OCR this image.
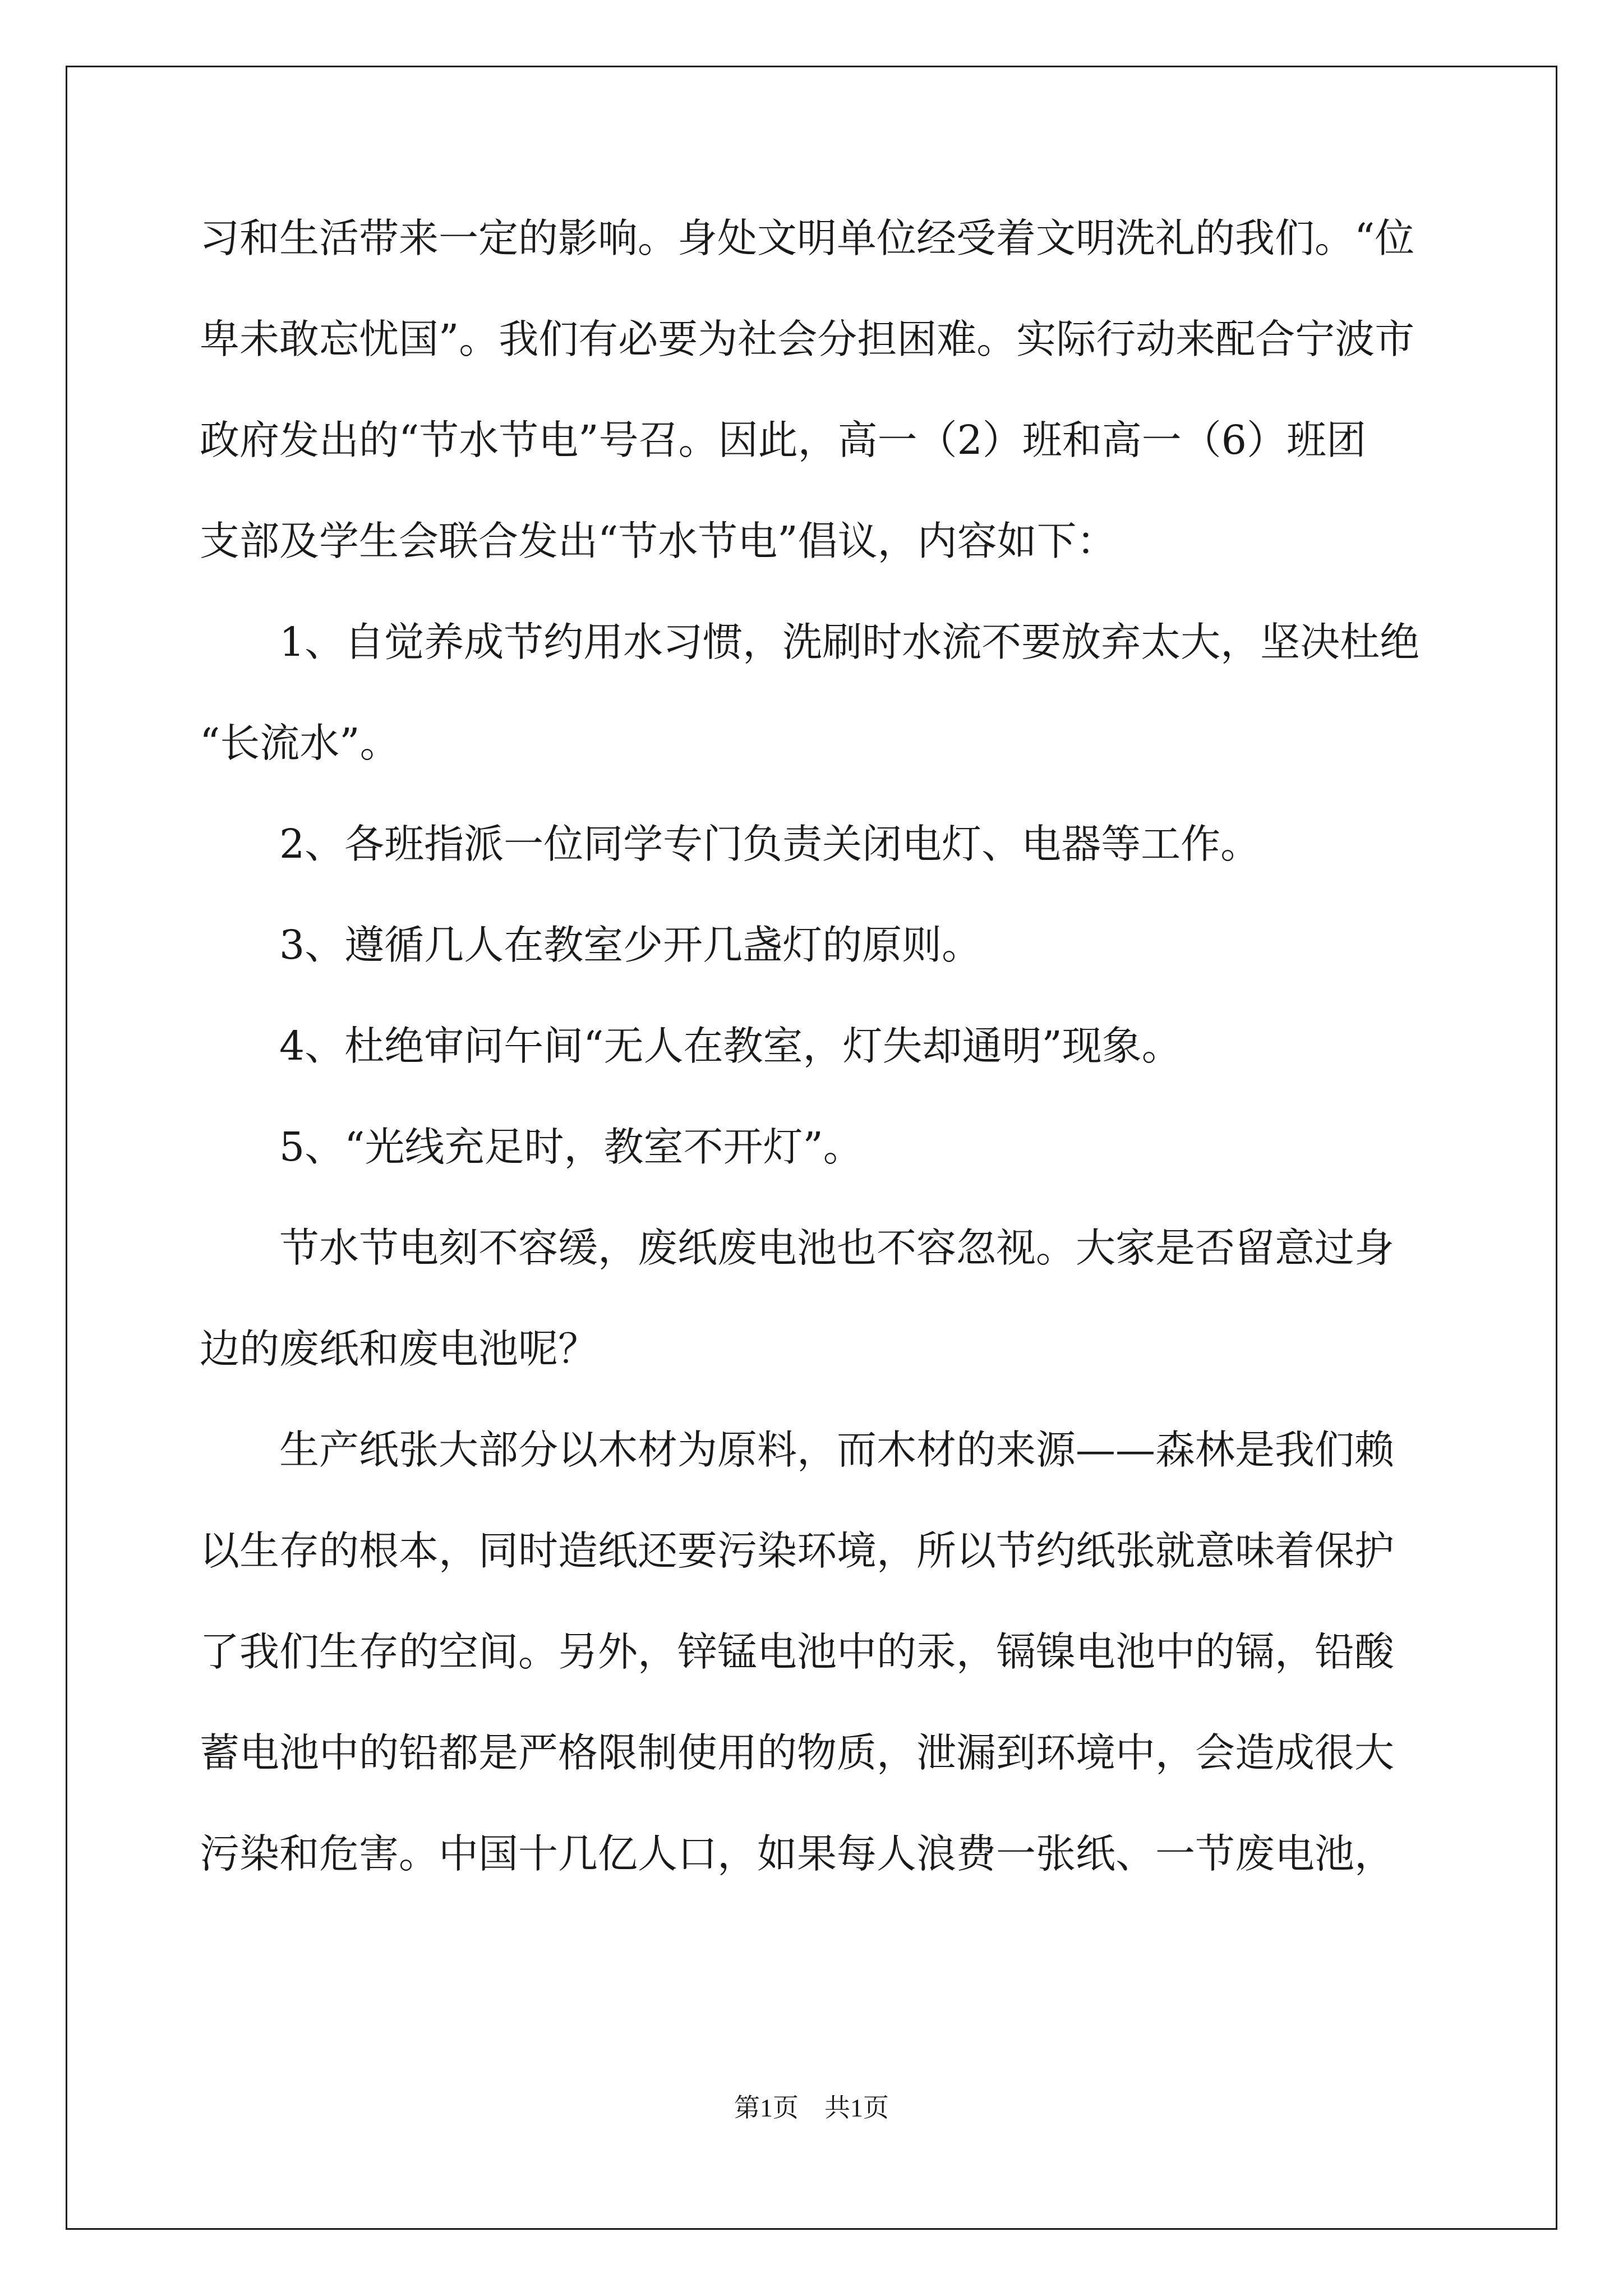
习和生活带来一定的影响。身处文明单位经受着文明洗礼的我们。“位
卑未敢忘忧国”。我们有必要为社会分担困难。实际行动来配合宁波市
政府发出的“节水节电”号召。因此，高一（2）班和高一（6）班团
支部及学生会联合发出“节水节电”倡议，内容如下：
1、自觉养成节约用水习惯，洗刷时水流不要放弃太大，坚决杜绝
“长流水”。
2、各班指派一位同学专门负责关闭电灯、电器等工作。
3、遵循几人在教室少开几盏灯的原则。
4、杜绝审问午间“无人在教室，灯失却通明”现象。
5、“光线充足时，教室不开灯”。
节水节电刻不容缓，废纸废电池也不容忽视。大家是否留意过身
边的废纸和废电池呢？
生产纸张大部分以木材为原料，而木材的来源——森林是我们赖
以生存的根本，同时造纸还要污染环境，所以节约纸张就意味着保护
了我们生存的空间。另外，锌锰电池中的汞，镉镍电池中的镉，铅酸
蓄电池中的铅都是严格限制使用的物质，泄漏到环境中，会造成很大
污染和危害。中国十几亿人口，如果每人浪费一张纸、一节废电池，
第1页　共1页
